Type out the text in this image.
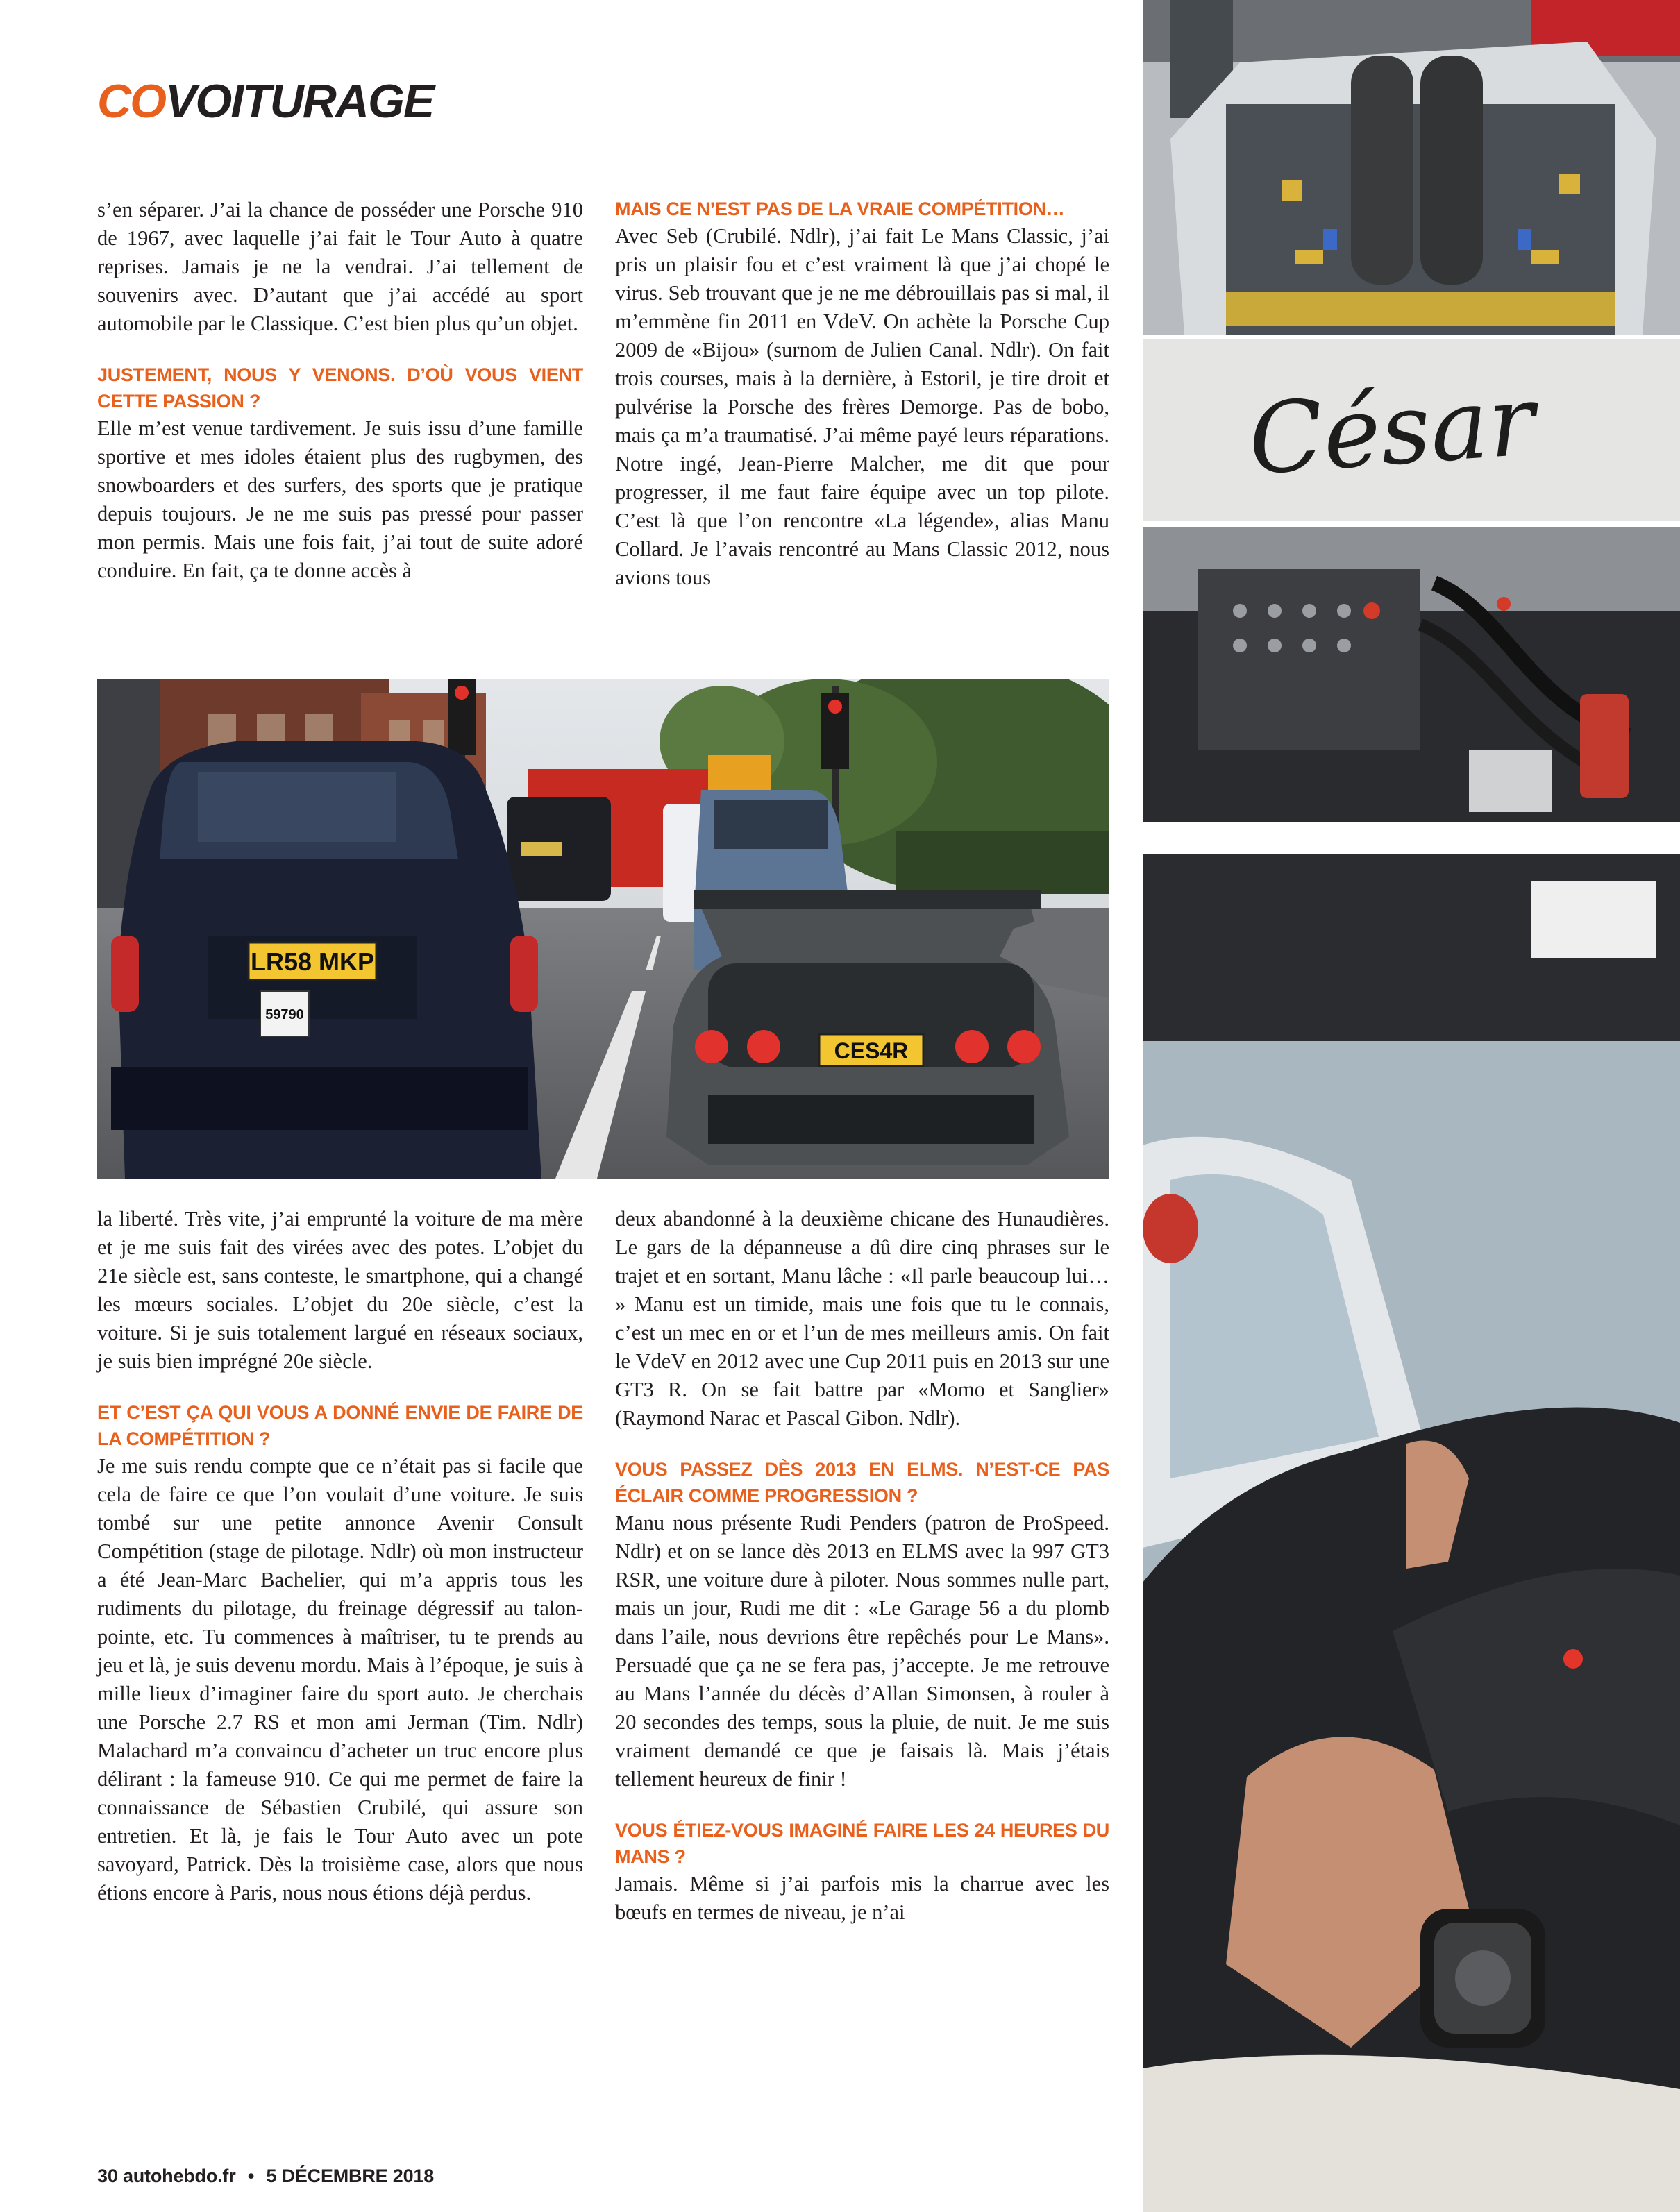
COVOITURAGE

s’en séparer. J’ai la chance de posséder une Porsche 910 de 1967, avec laquelle j’ai fait le Tour Auto à quatre reprises. Jamais je ne la vendrai. J’ai tellement de souvenirs avec. D’autant que j’ai accédé au sport automobile par le Classique. C’est bien plus qu’un objet.

JUSTEMENT, NOUS Y VENONS. D’OÙ VOUS VIENT CETTE PASSION ?

Elle m’est venue tardivement. Je suis issu d’une famille sportive et mes idoles étaient plus des rugbymen, des snowboarders et des surfers, des sports que je pratique depuis toujours. Je ne me suis pas pressé pour passer mon permis. Mais une fois fait, j’ai tout de suite adoré conduire. En fait, ça te donne accès à

MAIS CE N’EST PAS DE LA VRAIE COMPÉTITION…

Avec Seb (Crubilé. Ndlr), j’ai fait Le Mans Classic, j’ai pris un plaisir fou et c’est vraiment là que j’ai chopé le virus. Seb trouvant que je ne me débrouillais pas si mal, il m’emmène fin 2011 en VdeV. On achète la Porsche Cup 2009 de «Bijou» (surnom de Julien Canal. Ndlr). On fait trois courses, mais à la dernière, à Estoril, je tire droit et pulvérise la Porsche des frères Demorge. Pas de bobo, mais ça m’a traumatisé. J’ai même payé leurs réparations. Notre ingé, Jean-Pierre Malcher, me dit que pour progresser, il me faut faire équipe avec un top pilote. C’est là que l’on rencontre «La légende», alias Manu Collard. Je l’avais rencontré au Mans Classic 2012, nous avions tous

LR58 MKP
59790
CES4R

la liberté. Très vite, j’ai emprunté la voiture de ma mère et je me suis fait des virées avec des potes. L’objet du 21e siècle est, sans conteste, le smartphone, qui a changé les mœurs sociales. L’objet du 20e siècle, c’est la voiture. Si je suis totalement largué en réseaux sociaux, je suis bien imprégné 20e siècle.

ET C’EST ÇA QUI VOUS A DONNÉ ENVIE DE FAIRE DE LA COMPÉTITION ?

Je me suis rendu compte que ce n’était pas si facile que cela de faire ce que l’on voulait d’une voiture. Je suis tombé sur une petite annonce Avenir Consult Compétition (stage de pilotage. Ndlr) où mon instructeur a été Jean-Marc Bachelier, qui m’a appris tous les rudiments du pilotage, du freinage dégressif au talon-pointe, etc. Tu commences à maîtriser, tu te prends au jeu et là, je suis devenu mordu. Mais à l’époque, je suis à mille lieux d’imaginer faire du sport auto. Je cherchais une Porsche 2.7 RS et mon ami Jerman (Tim. Ndlr) Malachard m’a convaincu d’acheter un truc encore plus délirant : la fameuse 910. Ce qui me permet de faire la connaissance de Sébastien Crubilé, qui assure son entretien. Et là, je fais le Tour Auto avec un pote savoyard, Patrick. Dès la troisième case, alors que nous étions encore à Paris, nous nous étions déjà perdus.

deux abandonné à la deuxième chicane des Hunaudières. Le gars de la dépanneuse a dû dire cinq phrases sur le trajet et en sortant, Manu lâche : «Il parle beaucoup lui… » Manu est un timide, mais une fois que tu le connais, c’est un mec en or et l’un de mes meilleurs amis. On fait le VdeV en 2012 avec une Cup 2011 puis en 2013 sur une GT3 R. On se fait battre par «Momo et Sanglier» (Raymond Narac et Pascal Gibon. Ndlr).

VOUS PASSEZ DÈS 2013 EN ELMS. N’EST-CE PAS ÉCLAIR COMME PROGRESSION ?

Manu nous présente Rudi Penders (patron de ProSpeed. Ndlr) et on se lance dès 2013 en ELMS avec la 997 GT3 RSR, une voiture dure à piloter. Nous sommes nulle part, mais un jour, Rudi me dit : «Le Garage 56 a du plomb dans l’aile, nous devrions être repêchés pour Le Mans». Persuadé que ça ne se fera pas, j’accepte. Je me retrouve au Mans l’année du décès d’Allan Simonsen, à rouler à 20 secondes des temps, sous la pluie, de nuit. Je me suis vraiment demandé ce que je faisais là. Mais j’étais tellement heureux de finir !

VOUS ÉTIEZ-VOUS IMAGINÉ FAIRE LES 24 HEURES DU MANS ?

Jamais. Même si j’ai parfois mis la charrue avec les bœufs en termes de niveau, je n’ai

César
30 autohebdo.fr • 5 DÉCEMBRE 2018
